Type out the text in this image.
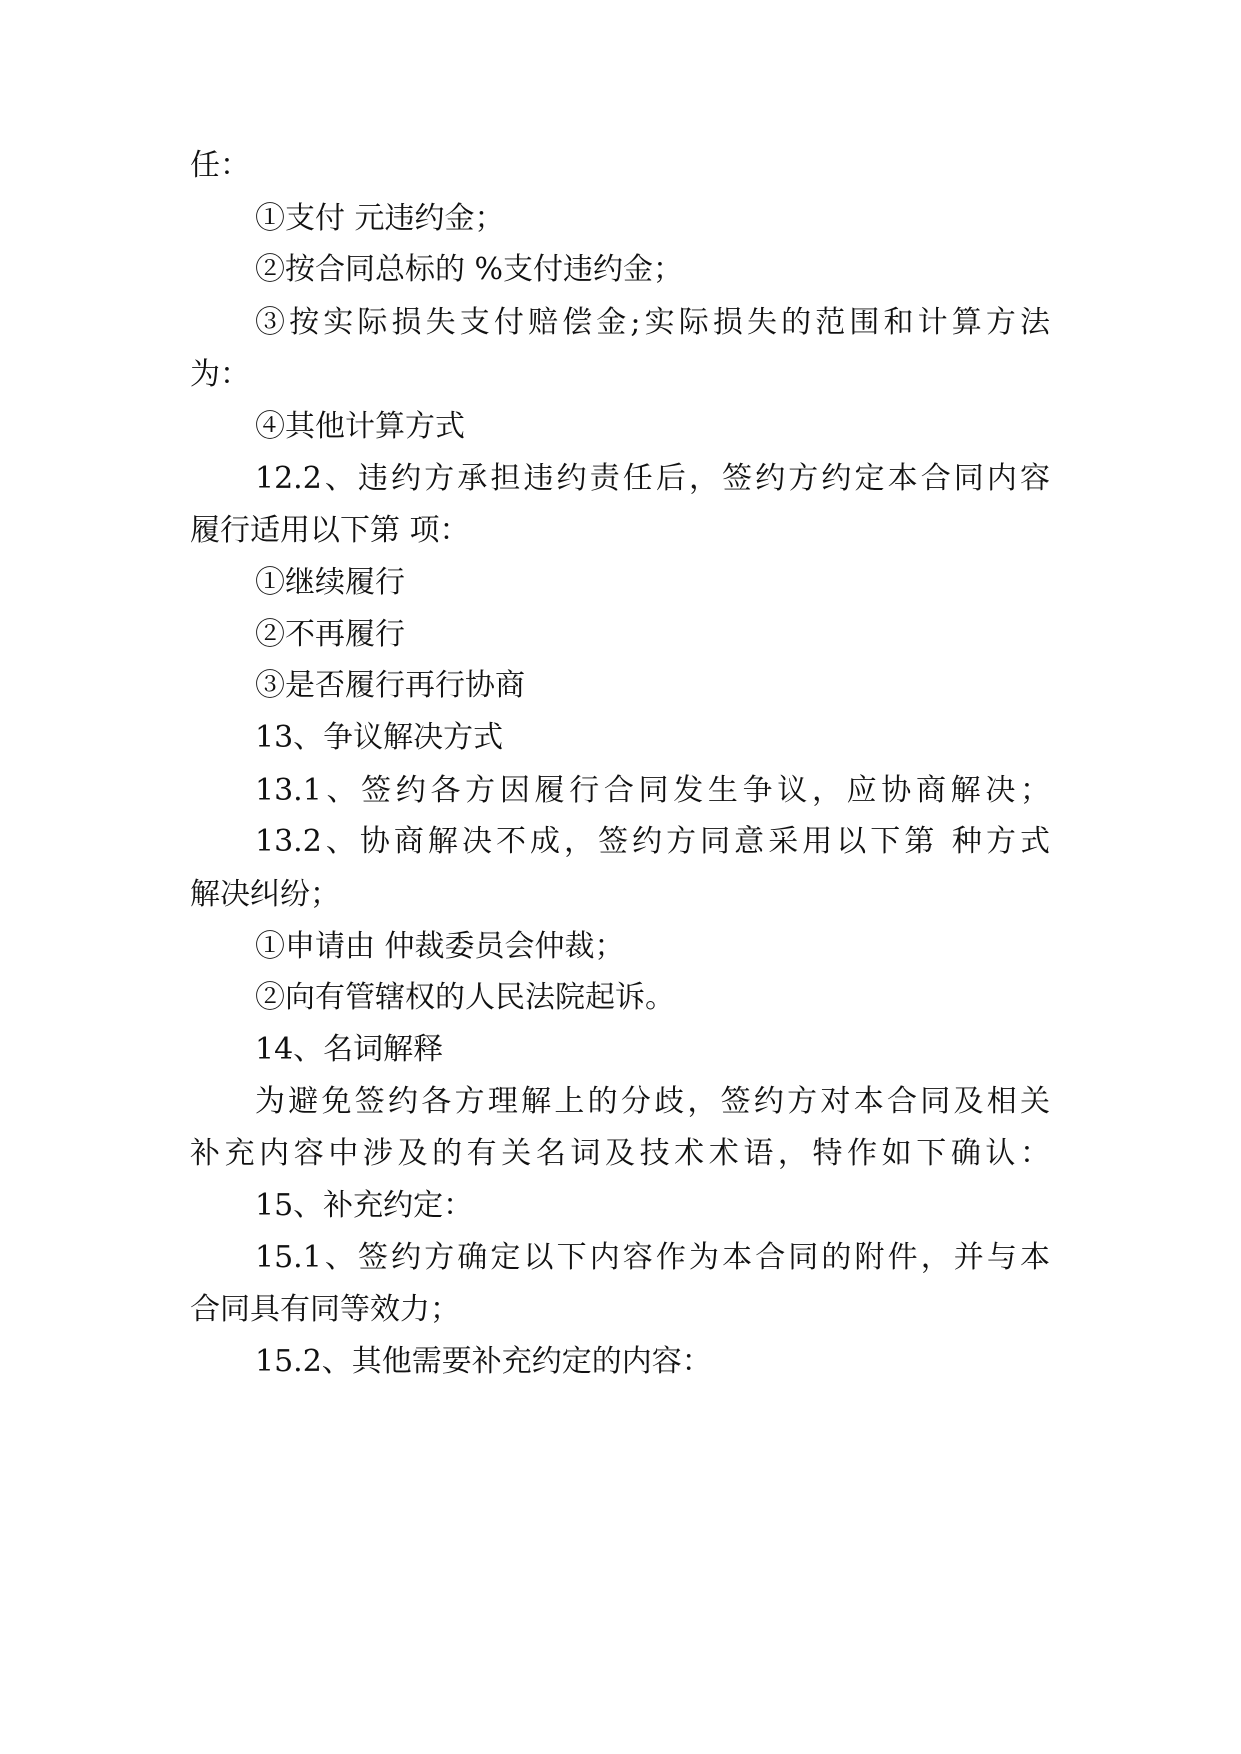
任：
①支付 元违约金；
②按合同总标的 %支付违约金；
③按实际损失支付赔偿金;实际损失的范围和计算方法
为：
④其他计算方式
12.2、违约方承担违约责任后，签约方约定本合同内容
履行适用以下第 项：
①继续履行
②不再履行
③是否履行再行协商
13、争议解决方式
13.1、签约各方因履行合同发生争议，应协商解决；
13.2、协商解决不成，签约方同意采用以下第 种方式
解决纠纷；
①申请由 仲裁委员会仲裁；
②向有管辖权的人民法院起诉。
14、名词解释
为避免签约各方理解上的分歧，签约方对本合同及相关
补充内容中涉及的有关名词及技术术语，特作如下确认：
15、补充约定：
15.1、签约方确定以下内容作为本合同的附件，并与本
合同具有同等效力；
15.2、其他需要补充约定的内容：
